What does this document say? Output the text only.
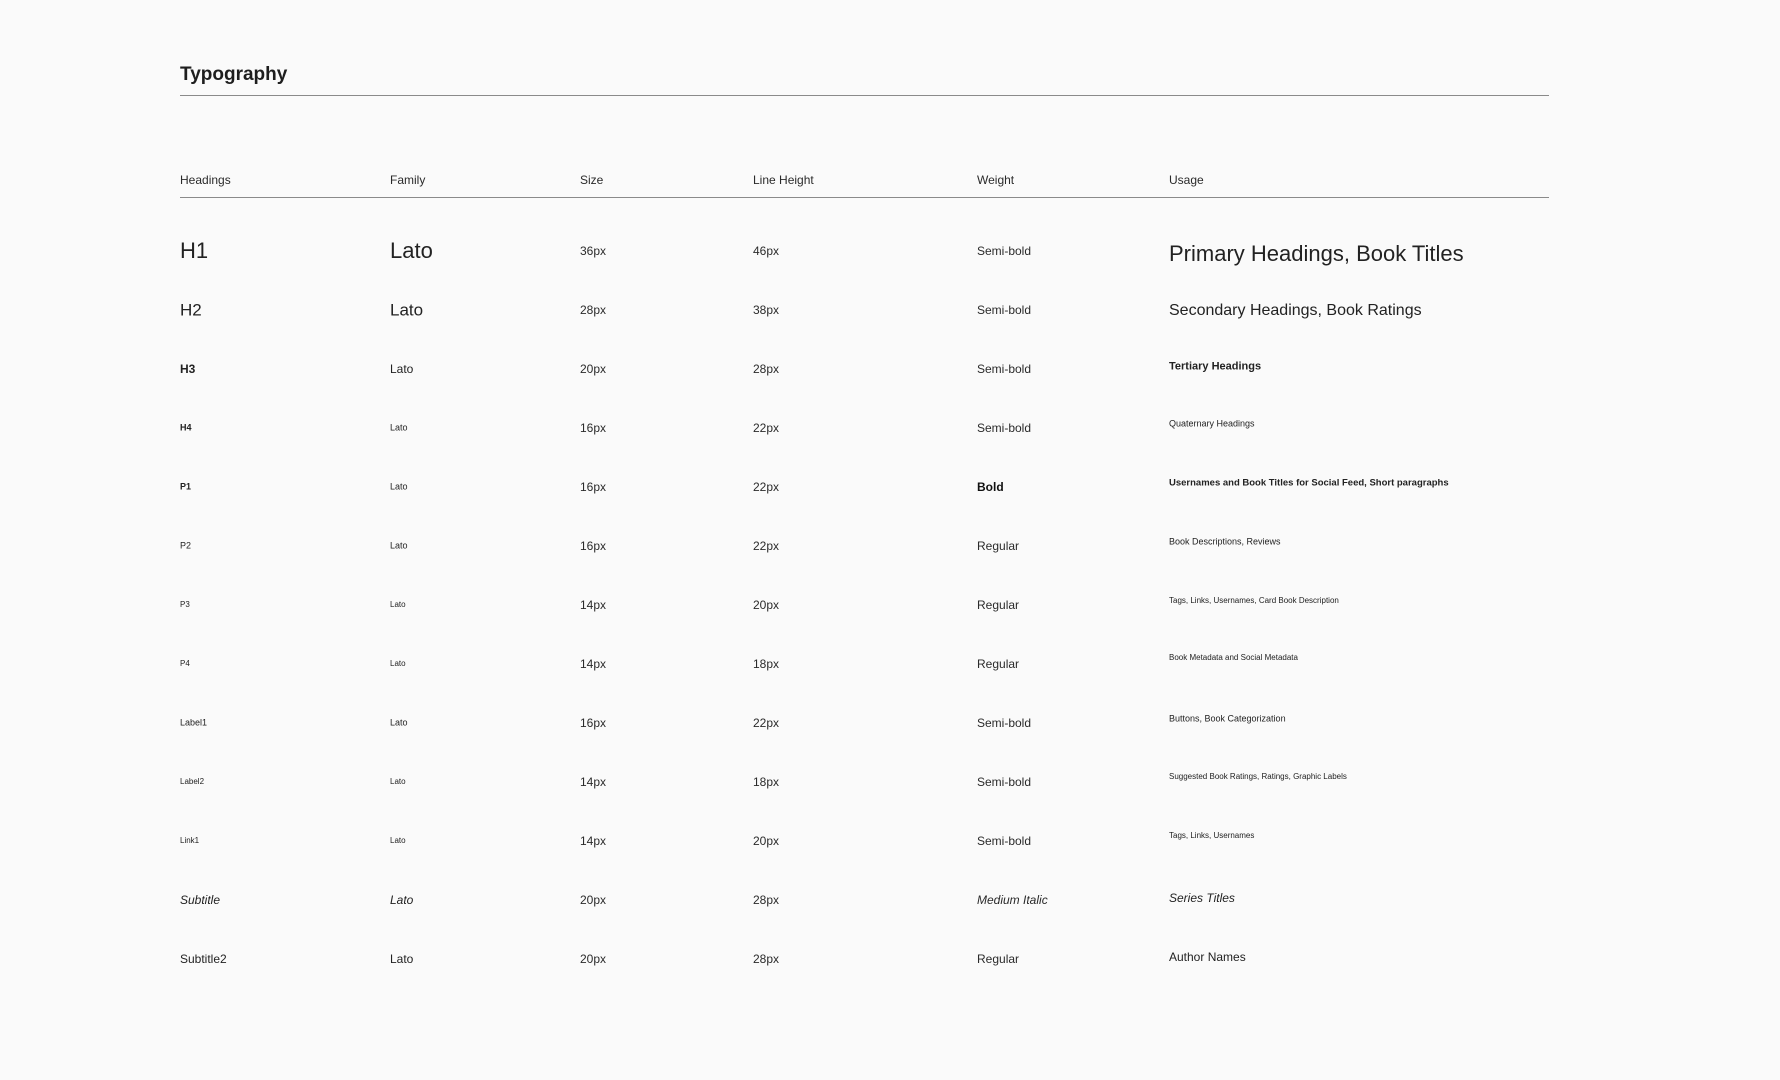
Typography
Headings	Family	Size	Line Height	Weight	Usage
H1	Lato	36px	46px	Semi-bold	Primary Headings, Book Titles
H2	Lato	28px	38px	Semi-bold	Secondary Headings, Book Ratings
H3	Lato	20px	28px	Semi-bold	Tertiary Headings
H4	Lato	16px	22px	Semi-bold	Quaternary Headings
P1	Lato	16px	22px	Bold	Usernames and Book Titles for Social Feed, Short paragraphs
P2	Lato	16px	22px	Regular	Book Descriptions, Reviews
P3	Lato	14px	20px	Regular	Tags, Links, Usernames, Card Book Description
P4	Lato	14px	18px	Regular	Book Metadata and Social Metadata
Label1	Lato	16px	22px	Semi-bold	Buttons, Book Categorization
Label2	Lato	14px	18px	Semi-bold	Suggested Book Ratings, Ratings, Graphic Labels
Link1	Lato	14px	20px	Semi-bold	Tags, Links, Usernames
Subtitle	Lato	20px	28px	Medium Italic	Series Titles
Subtitle2	Lato	20px	28px	Regular	Author Names
